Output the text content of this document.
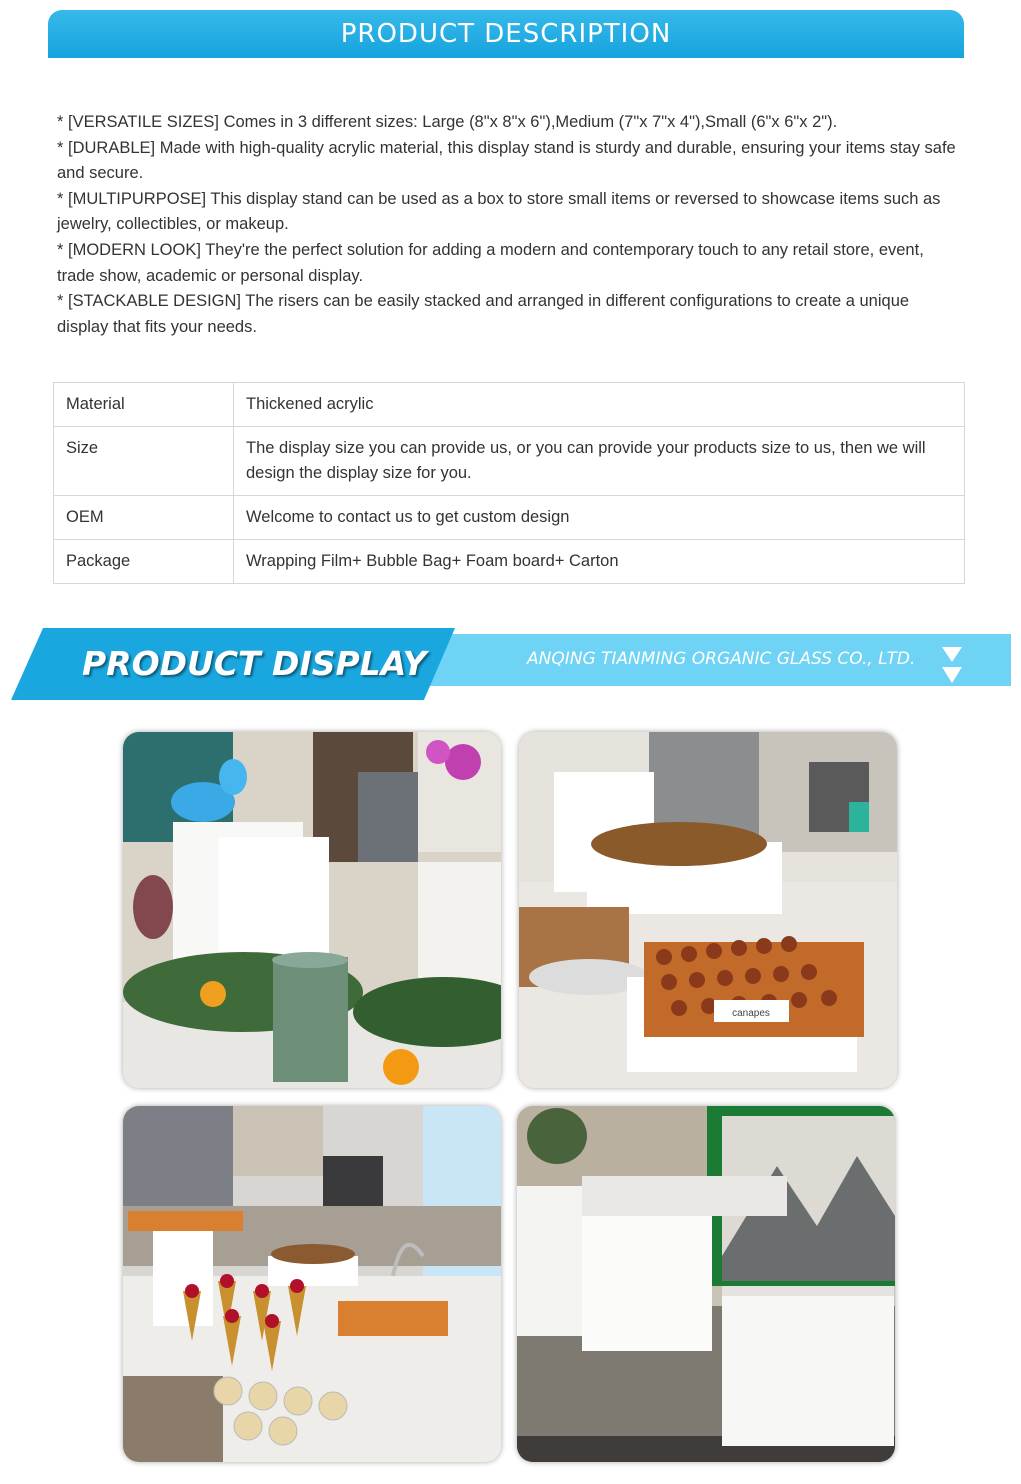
PRODUCT DESCRIPTION

* [VERSATILE SIZES] Comes in 3 different sizes: Large (8"x 8"x 6"),Medium (7"x 7"x 4"),Small (6"x 6"x 2").

* [DURABLE] Made with high-quality acrylic material, this display stand is sturdy and durable, ensuring your items stay safe and secure.

* [MULTIPURPOSE] This display stand can be used as a box to store small items or reversed to showcase items such as jewelry, collectibles, or makeup.

* [MODERN LOOK] They're the perfect solution for adding a modern and contemporary touch to any retail store, event, trade show, academic or personal display.

* [STACKABLE DESIGN] The risers can be easily stacked and arranged in different configurations to create a unique display that fits your needs.

Material	Thickened acrylic
Size	The display size you can provide us, or you can provide your products size to us, then we will design the display size for you.
OEM	Welcome to contact us to get custom design
Package	Wrapping Film+ Bubble Bag+ Foam board+ Carton
PRODUCT DISPLAY	ANQING TIANMING ORGANIC GLASS CO., LTD.
canapes
